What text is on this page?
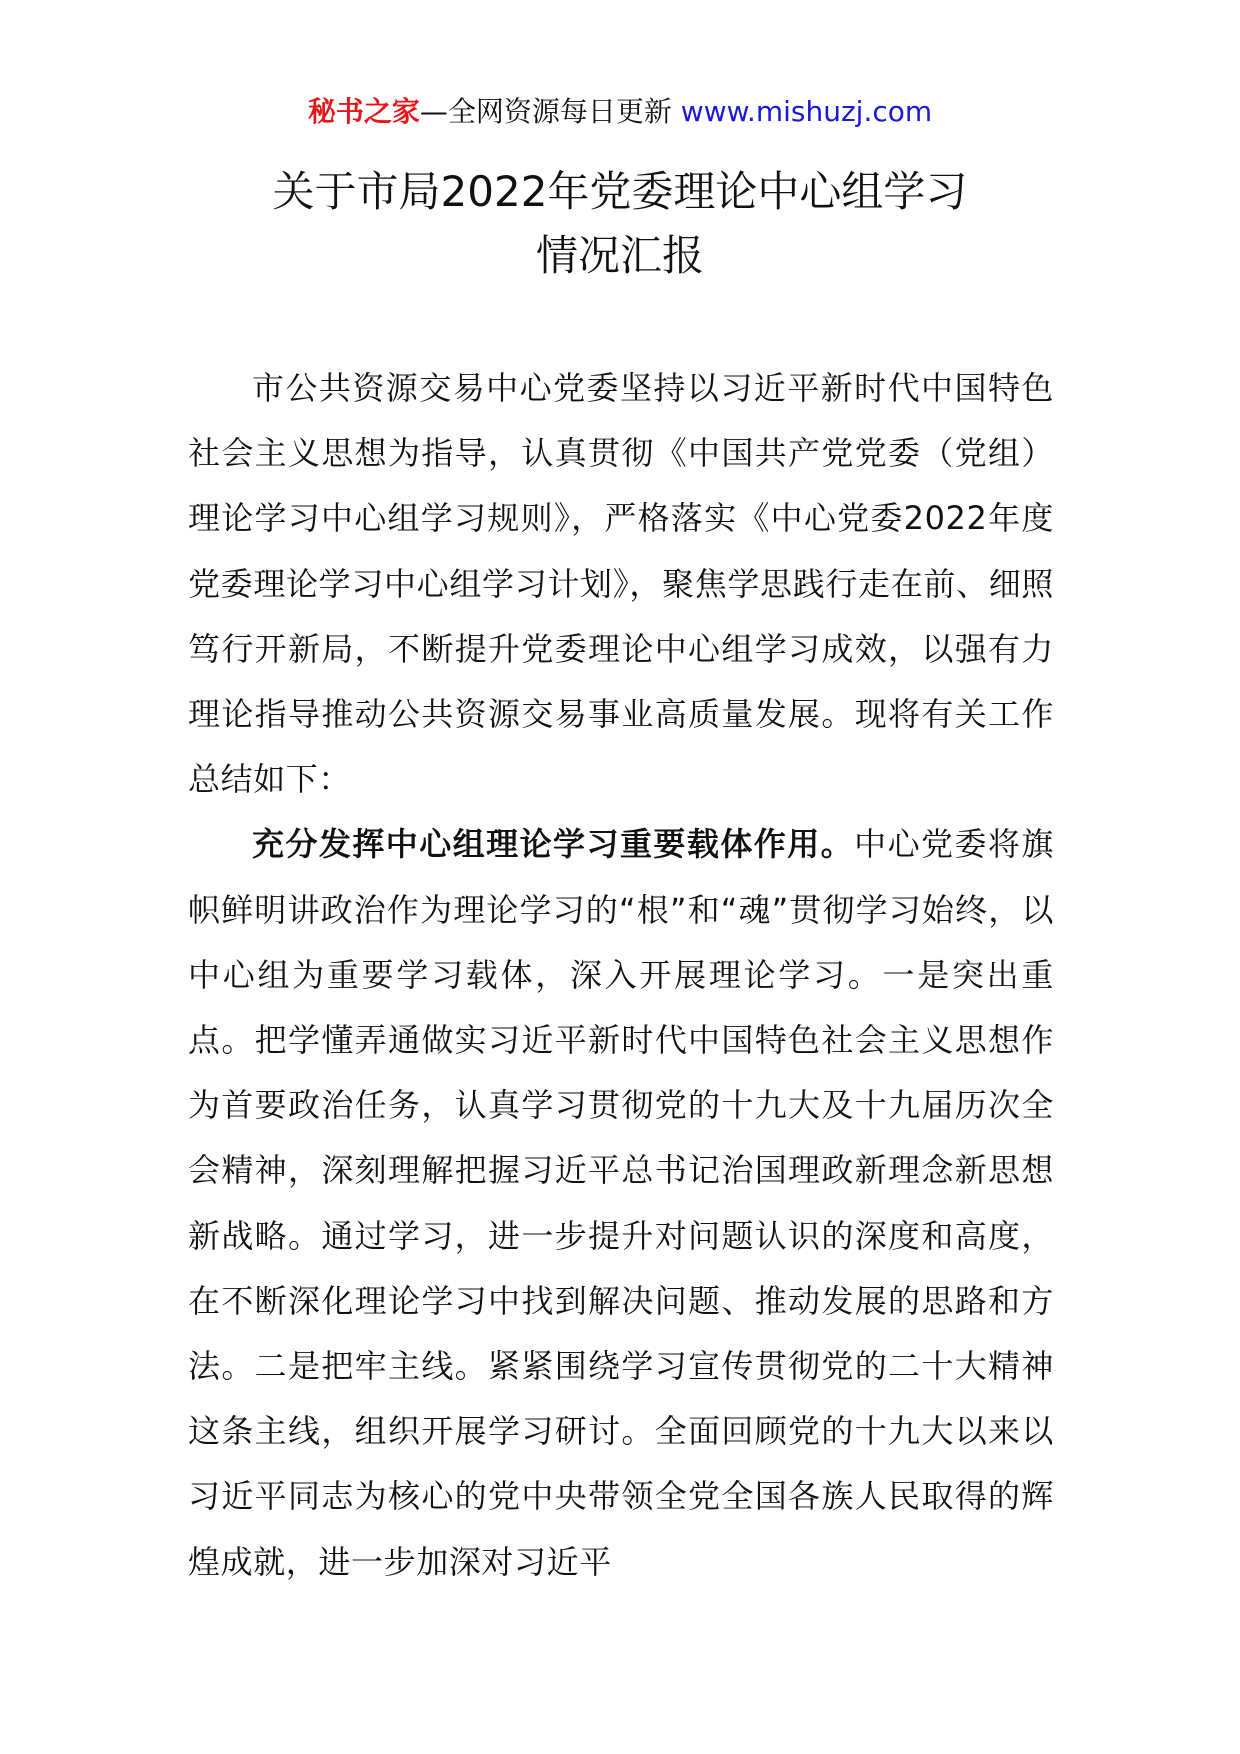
秘书之家—全网资源每日更新 www.mishuzj.com
关于市局2022年党委理论中心组学习
情况汇报

市公共资源交易中心党委坚持以习近平新时代中国特色社会主义思想为指导，认真贯彻《中国共产党党委（党组）理论学习中心组学习规则》，严格落实《中心党委2022年度党委理论学习中心组学习计划》，聚焦学思践行走在前、细照笃行开新局，不断提升党委理论中心组学习成效，以强有力理论指导推动公共资源交易事业高质量发展。现将有关工作总结如下：

充分发挥中心组理论学习重要载体作用。中心党委将旗帜鲜明讲政治作为理论学习的“根”和“魂”贯彻学习始终，以中心组为重要学习载体，深入开展理论学习。一是突出重点。把学懂弄通做实习近平新时代中国特色社会主义思想作为首要政治任务，认真学习贯彻党的十九大及十九届历次全会精神，深刻理解把握习近平总书记治国理政新理念新思想新战略。通过学习，进一步提升对问题认识的深度和高度，在不断深化理论学习中找到解决问题、推动发展的思路和方法。二是把牢主线。紧紧围绕学习宣传贯彻党的二十大精神这条主线，组织开展学习研讨。全面回顾党的十九大以来以习近平同志为核心的党中央带领全党全国各族人民取得的辉煌成就，进一步加深对习近平
